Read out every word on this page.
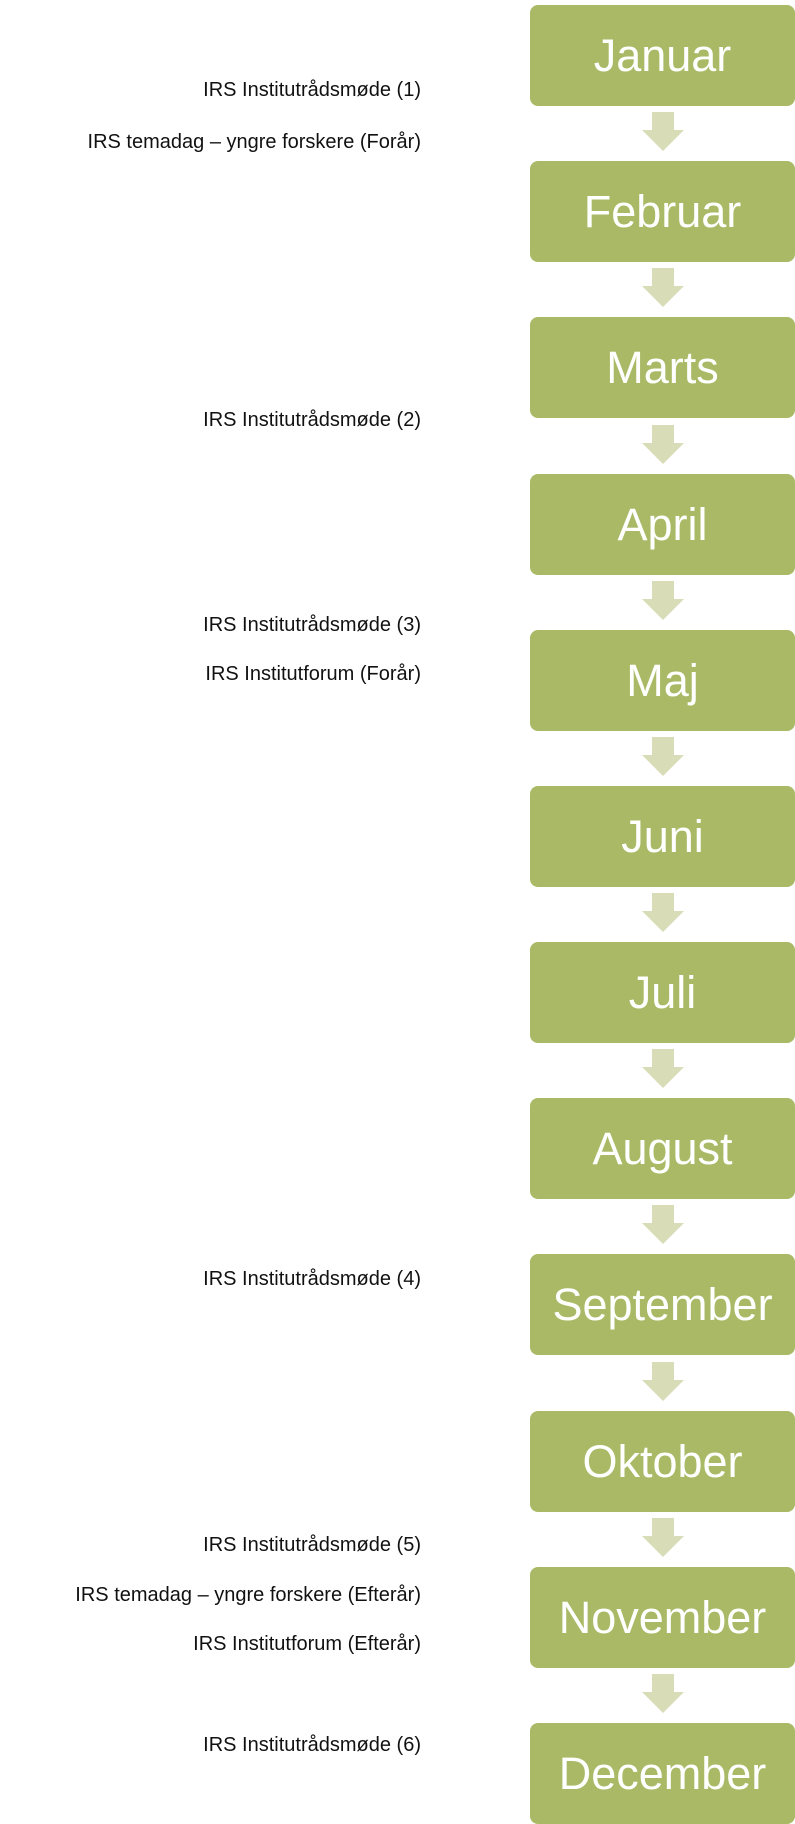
Januar
Februar
Marts
April
Maj
Juni
Juli
August
September
Oktober
November
December
IRS Institutrådsmøde (1)
IRS temadag – yngre forskere (Forår)
IRS Institutrådsmøde (2)
IRS Institutrådsmøde (3)
IRS Institutforum (Forår)
IRS Institutrådsmøde (4)
IRS Institutrådsmøde (5)
IRS temadag – yngre forskere (Efterår)
IRS Institutforum (Efterår)
IRS Institutrådsmøde (6)
